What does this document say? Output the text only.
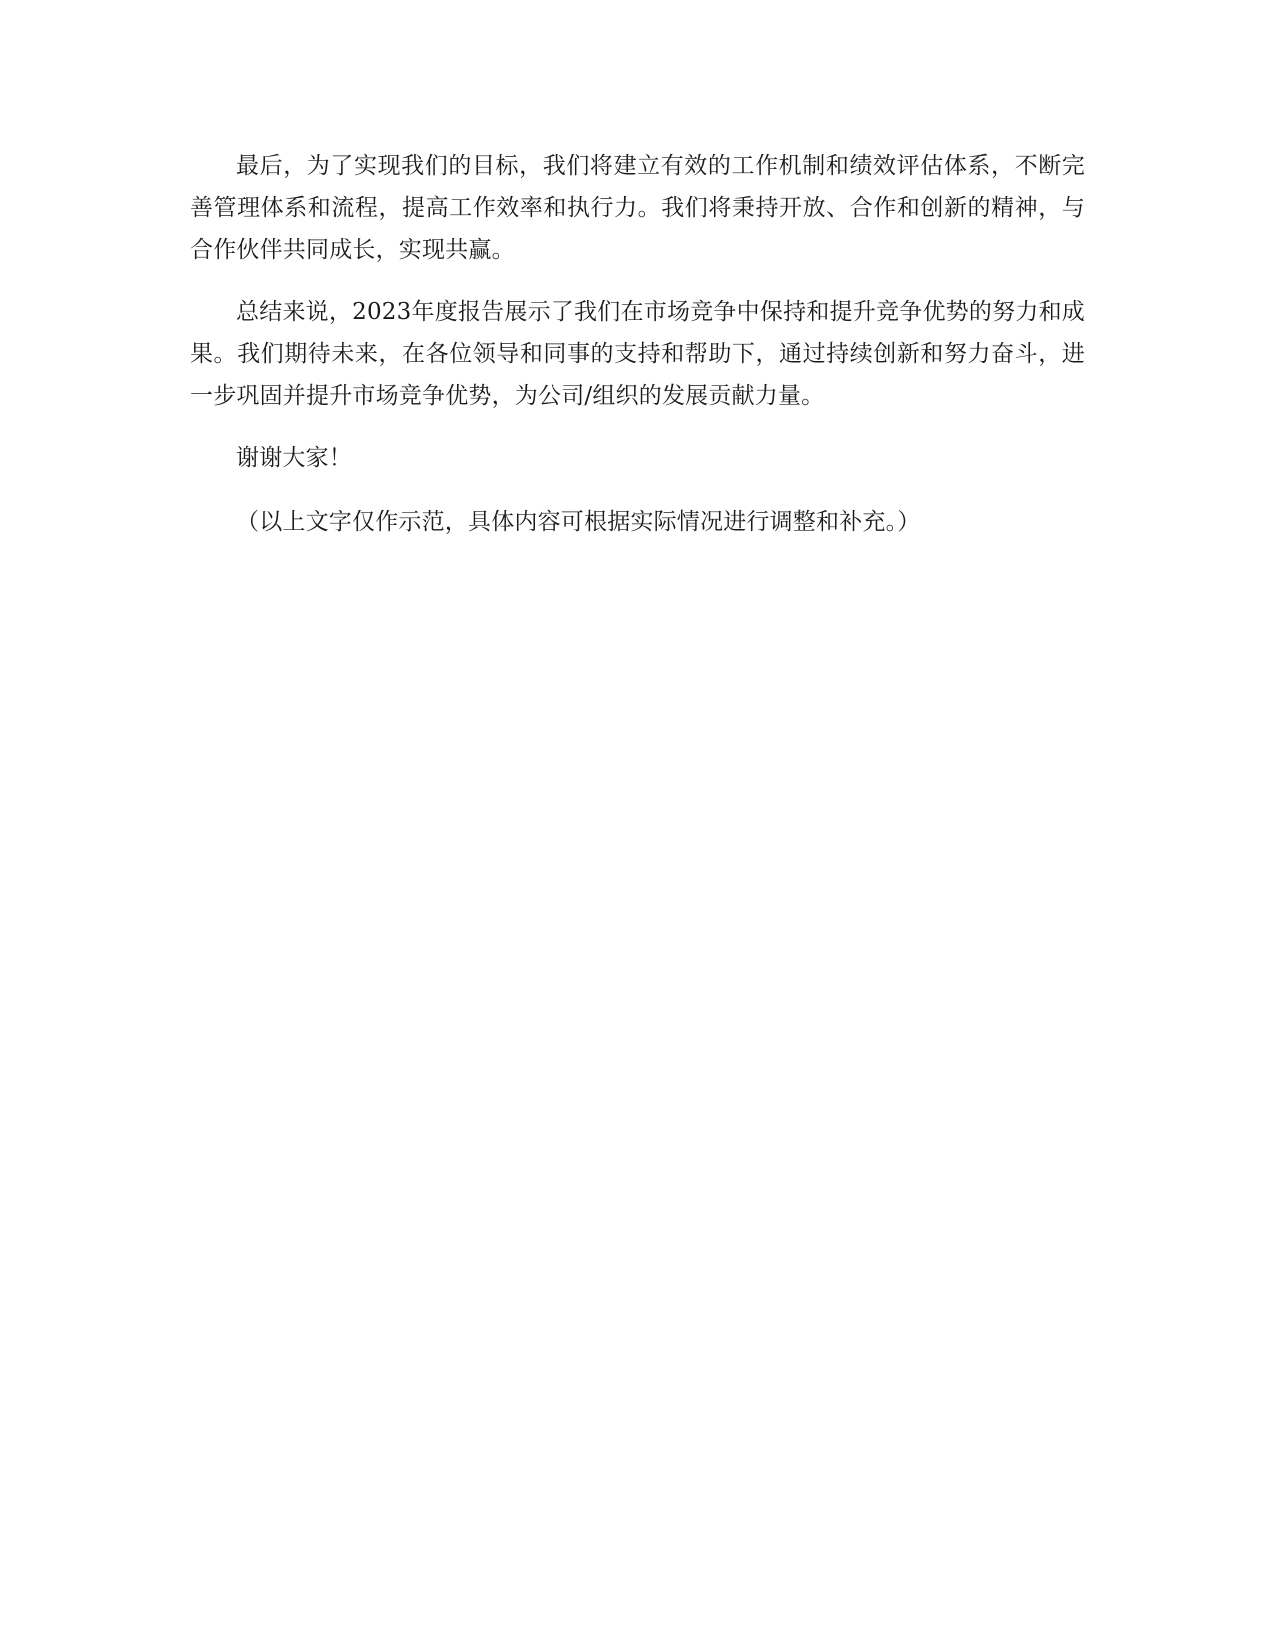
最后，为了实现我们的目标，我们将建立有效的工作机制和绩效评估体系，不断完善管理体系和流程，提高工作效率和执行力。我们将秉持开放、合作和创新的精神，与合作伙伴共同成长，实现共赢。

总结来说，2023年度报告展示了我们在市场竞争中保持和提升竞争优势的努力和成果。我们期待未来，在各位领导和同事的支持和帮助下，通过持续创新和努力奋斗，进一步巩固并提升市场竞争优势，为公司/组织的发展贡献力量。

谢谢大家！

（以上文字仅作示范，具体内容可根据实际情况进行调整和补充。）
